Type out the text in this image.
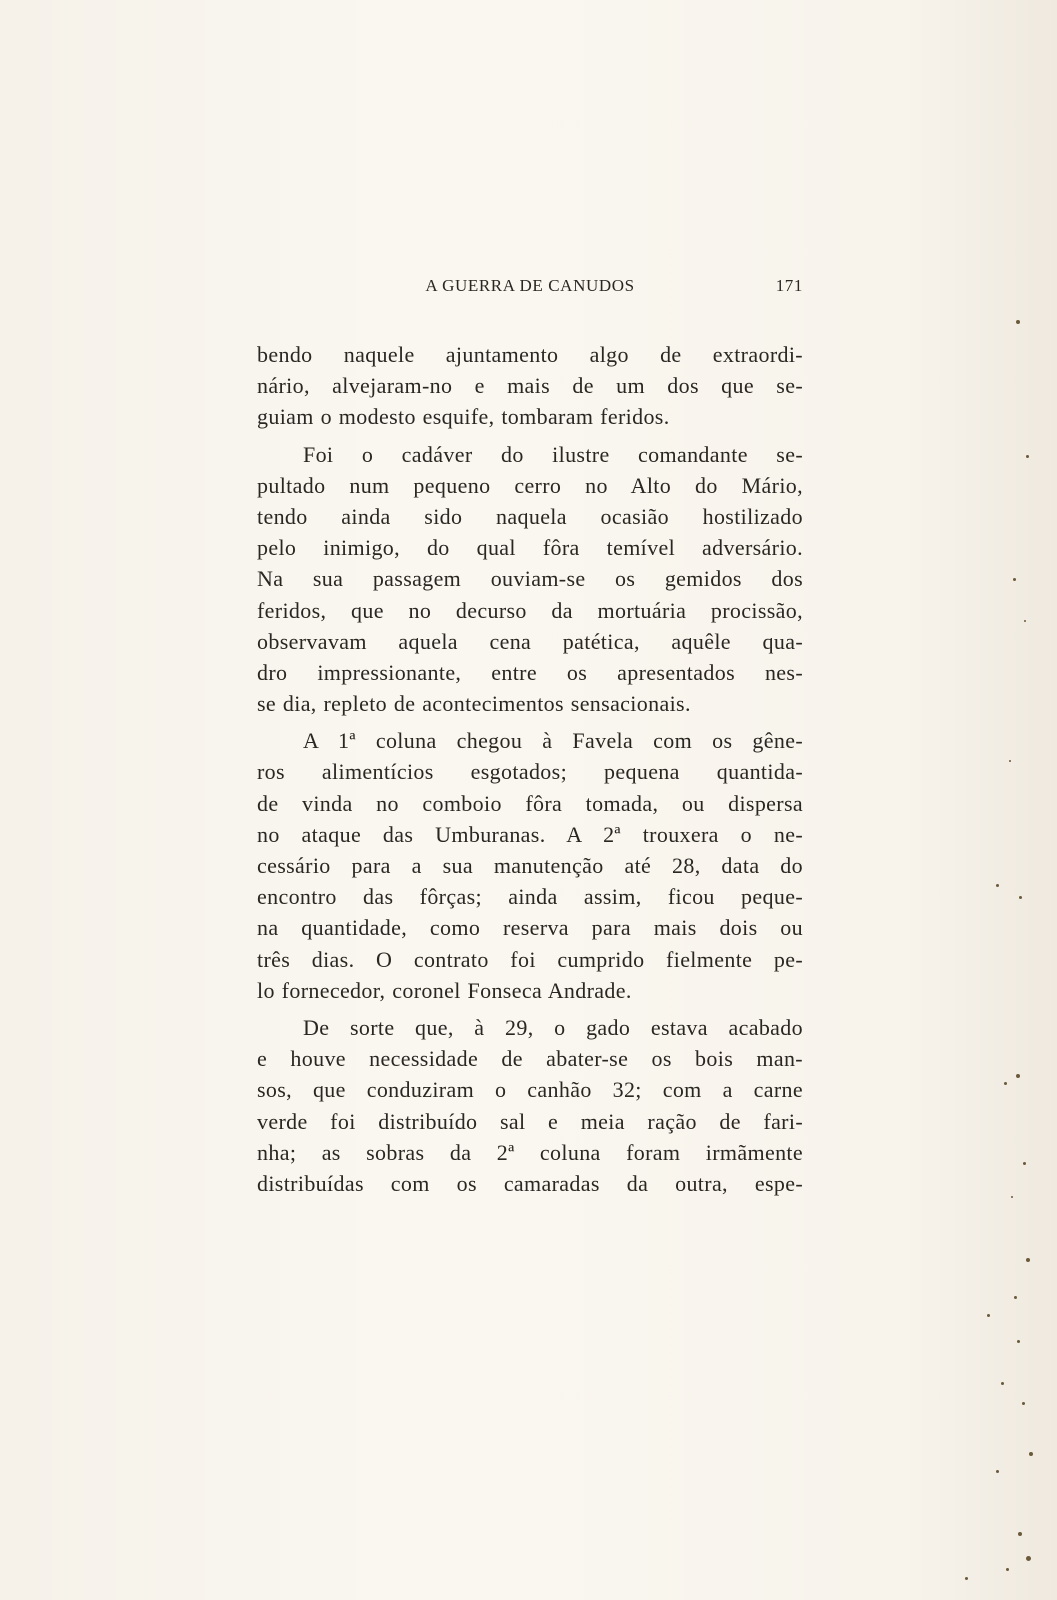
A GUERRA DE CANUDOS	171
bendo naquele ajuntamento algo de extraordi-
nário, alvejaram-no e mais de um dos que se-
guiam o modesto esquife, tombaram feridos.
Foi o cadáver do ilustre comandante se-
pultado num pequeno cerro no Alto do Mário,
tendo ainda sido naquela ocasião hostilizado
pelo inimigo, do qual fôra temível adversário.
Na sua passagem ouviam-se os gemidos dos
feridos, que no decurso da mortuária procissão,
observavam aquela cena patética, aquêle qua-
dro impressionante, entre os apresentados nes-
se dia, repleto de acontecimentos sensacionais.
A 1ª coluna chegou à Favela com os gêne-
ros alimentícios esgotados; pequena quantida-
de vinda no comboio fôra tomada, ou dispersa
no ataque das Umburanas. A 2ª trouxera o ne-
cessário para a sua manutenção até 28, data do
encontro das fôrças; ainda assim, ficou peque-
na quantidade, como reserva para mais dois ou
três dias. O contrato foi cumprido fielmente pe-
lo fornecedor, coronel Fonseca Andrade.
De sorte que, à 29, o gado estava acabado
e houve necessidade de abater-se os bois man-
sos, que conduziram o canhão 32; com a carne
verde foi distribuído sal e meia ração de fari-
nha; as sobras da 2ª coluna foram irmãmente
distribuídas com os camaradas da outra, espe-
